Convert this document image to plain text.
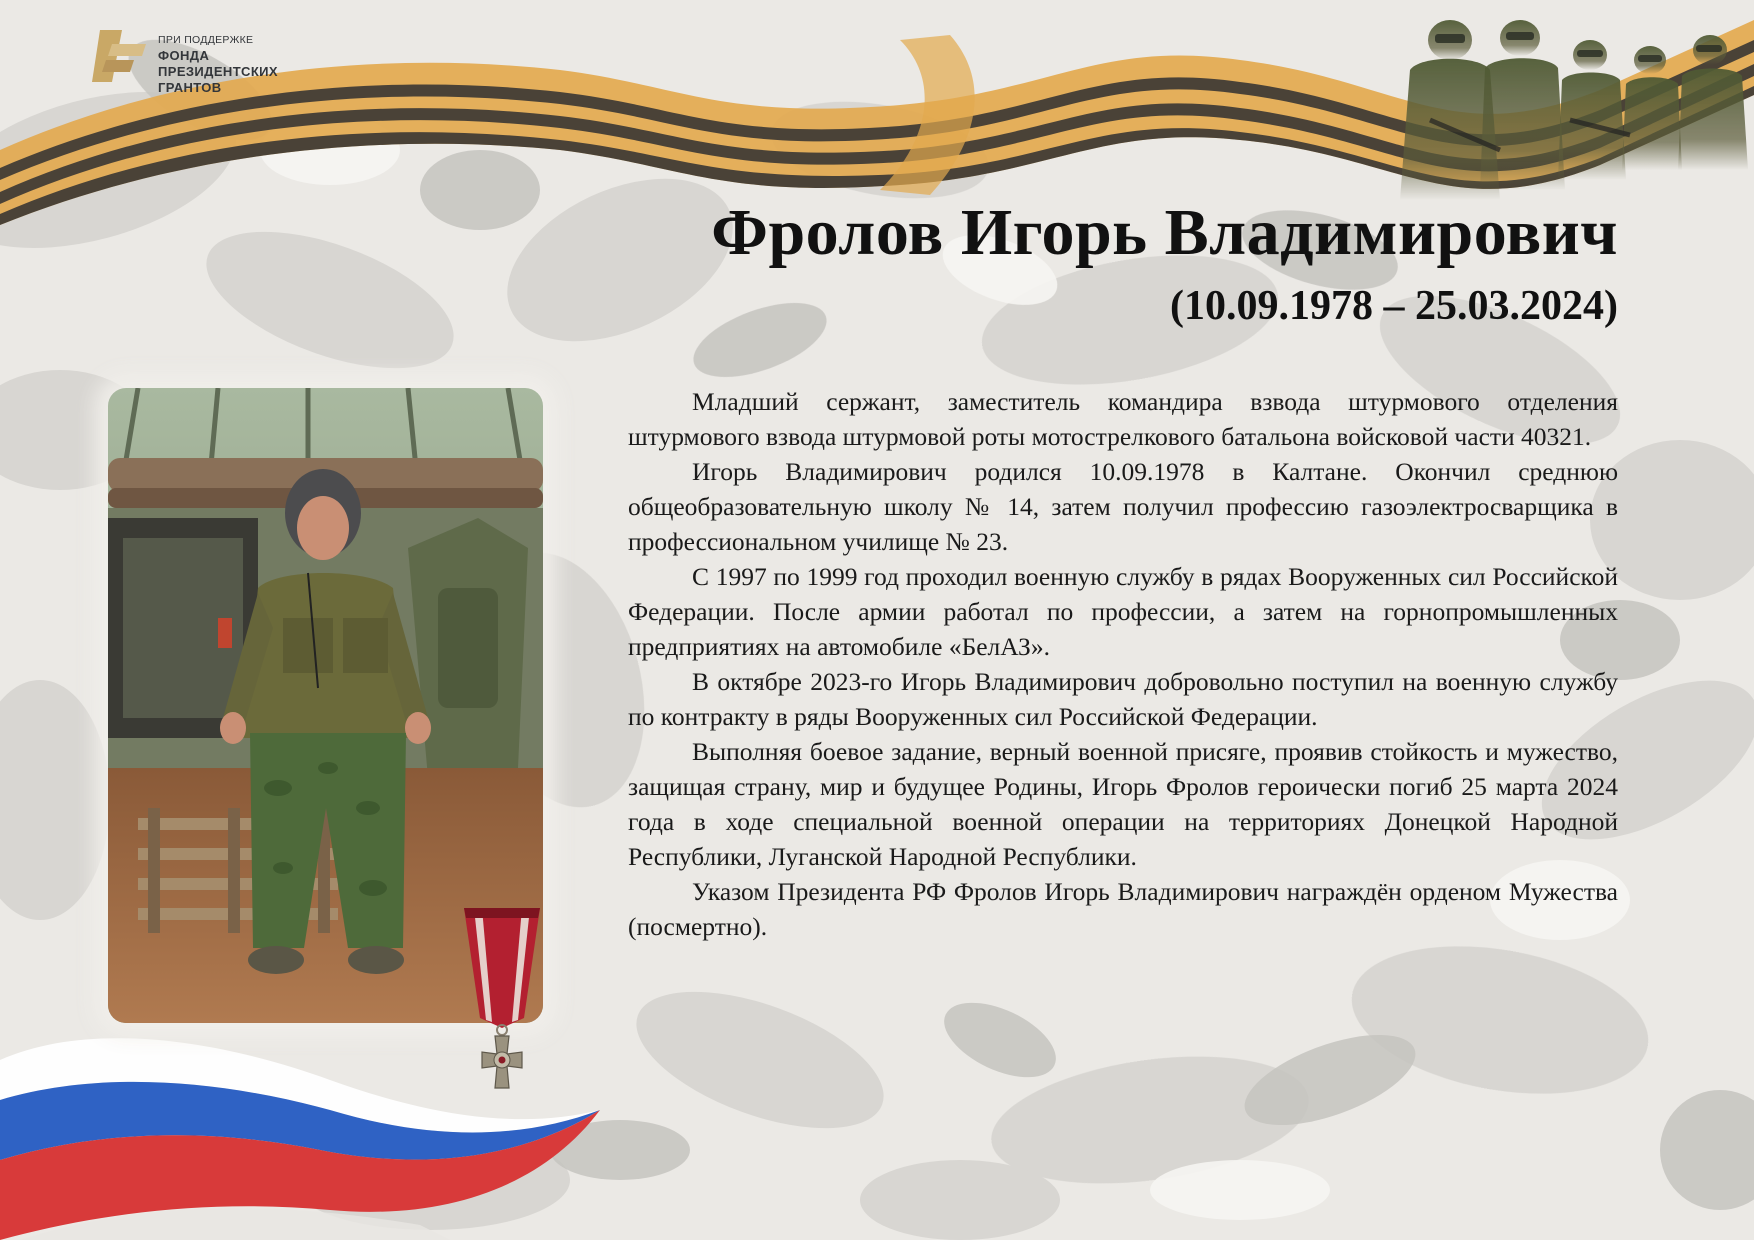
ПРИ ПОДДЕРЖКЕ
ФОНДА
ПРЕЗИДЕНТСКИХ
ГРАНТОВ
Фролов Игорь Владимирович
(10.09.1978 – 25.03.2024)

Младший сержант, заместитель командира взвода штурмового отделения штурмового взвода штурмовой роты мотострелкового батальона войсковой части 40321.

Игорь Владимирович родился 10.09.1978 в Калтане. Окончил среднюю общеобразовательную школу № 14, затем получил профессию газоэлектросварщика в профессиональном училище № 23.

С 1997 по 1999 год проходил военную службу в рядах Вооруженных сил Российской Федерации. После армии работал по профессии, а затем на горнопромышленных предприятиях на автомобиле «БелАЗ».

В октябре 2023-го Игорь Владимирович добровольно поступил на военную службу по контракту в ряды Вооруженных сил Российской Федерации.

Выполняя боевое задание, верный военной присяге, проявив стойкость и мужество, защищая страну, мир и будущее Родины, Игорь Фролов героически погиб 25 марта 2024 года в ходе специальной военной операции на территориях Донецкой Народной Республики, Луганской Народной Республики.

Указом Президента РФ Фролов Игорь Владимирович награждён орденом Мужества (посмертно).
